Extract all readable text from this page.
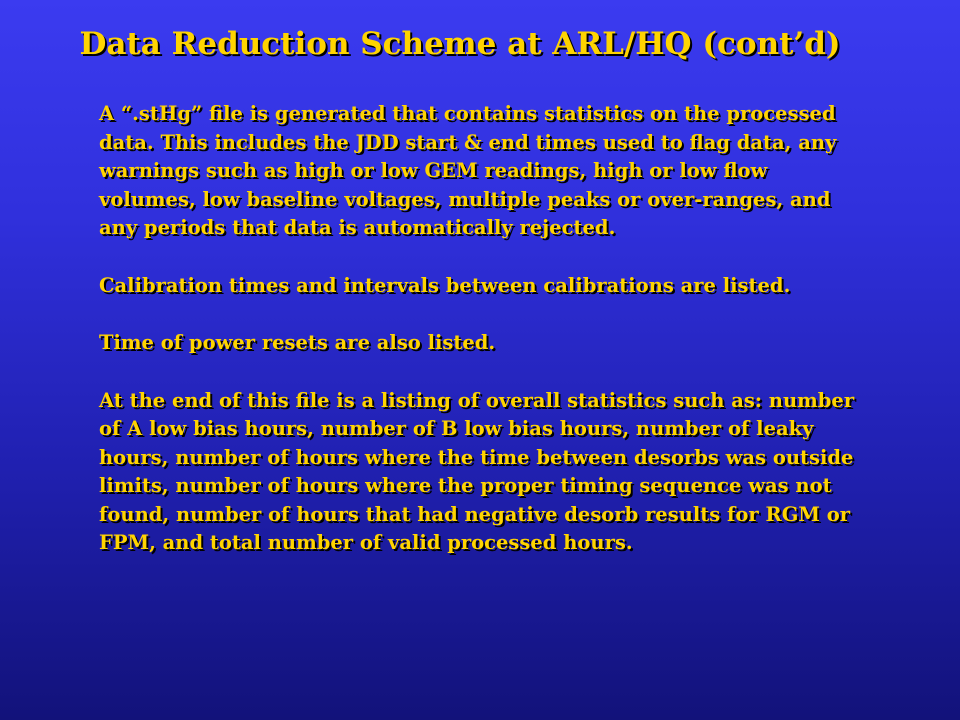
Data Reduction Scheme at ARL/HQ (cont’d)

A “.stHg” file is generated that contains statistics on the processed
data. This includes the JDD start & end times used to flag data, any
warnings such as high or low GEM readings, high or low flow
volumes, low baseline voltages, multiple peaks or over-ranges, and
any periods that data is automatically rejected.

Calibration times and intervals between calibrations are listed.

Time of power resets are also listed.

At the end of this file is a listing of overall statistics such as: number
of A low bias hours, number of B low bias hours, number of leaky
hours, number of hours where the time between desorbs was outside
limits, number of hours where the proper timing sequence was not
found, number of hours that had negative desorb results for RGM or
FPM, and total number of valid processed hours.
